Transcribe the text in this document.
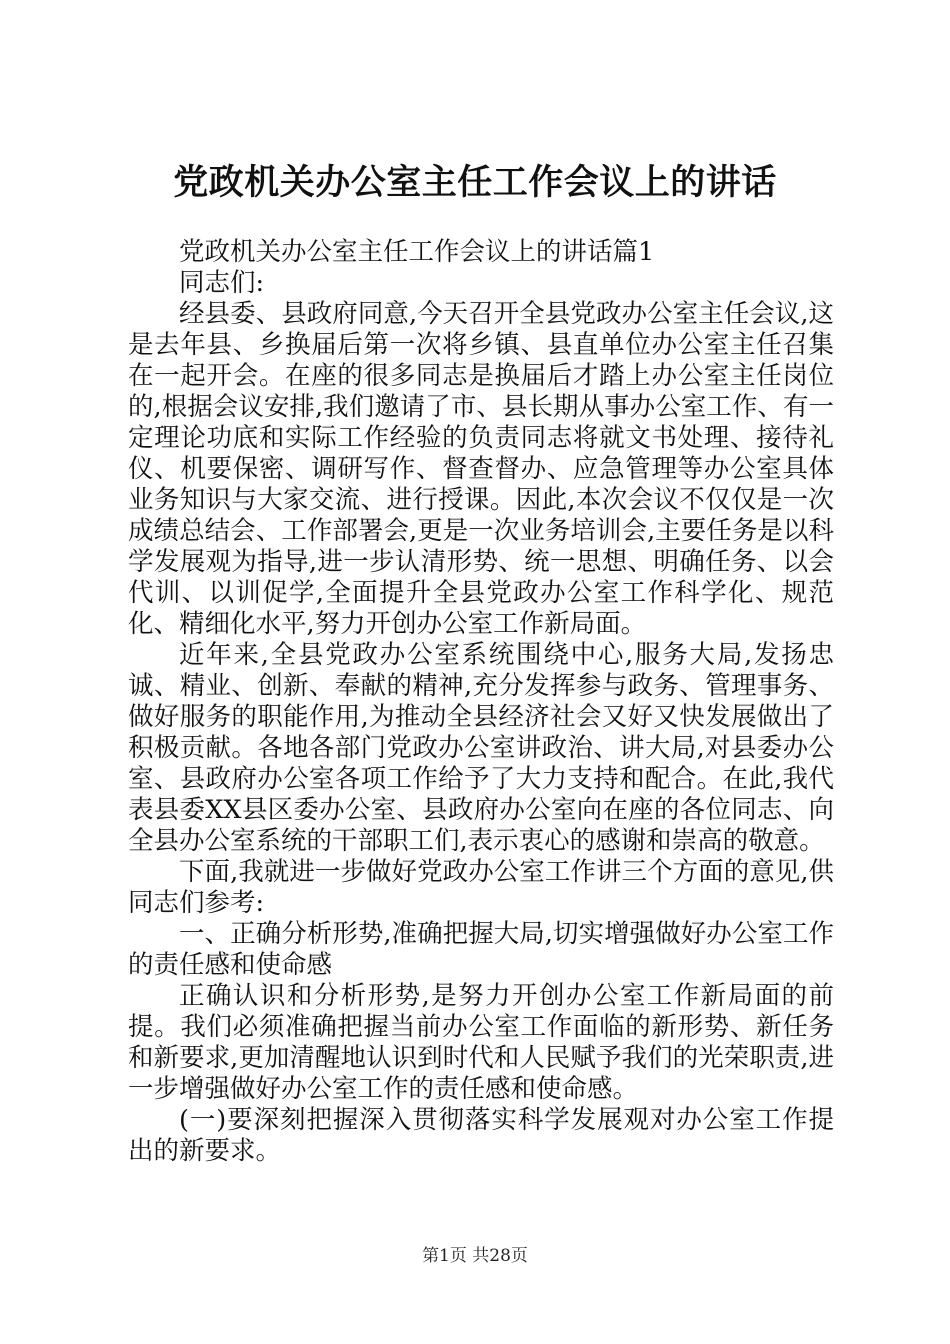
党政机关办公室主任工作会议上的讲话

党政机关办公室主任工作会议上的讲话篇1

同志们:

经县委、县政府同意,今天召开全县党政办公室主任会议,这是去年县、乡换届后第一次将乡镇、县直单位办公室主任召集在一起开会。在座的很多同志是换届后才踏上办公室主任岗位的,根据会议安排,我们邀请了市、县长期从事办公室工作、有一定理论功底和实际工作经验的负责同志将就文书处理、接待礼仪、机要保密、调研写作、督查督办、应急管理等办公室具体业务知识与大家交流、进行授课。因此,本次会议不仅仅是一次成绩总结会、工作部署会,更是一次业务培训会,主要任务是以科学发展观为指导,进一步认清形势、统一思想、明确任务、以会代训、以训促学,全面提升全县党政办公室工作科学化、规范化、精细化水平,努力开创办公室工作新局面。

近年来,全县党政办公室系统围绕中心,服务大局,发扬忠诚、精业、创新、奉献的精神,充分发挥参与政务、管理事务、做好服务的职能作用,为推动全县经济社会又好又快发展做出了积极贡献。各地各部门党政办公室讲政治、讲大局,对县委办公室、县政府办公室各项工作给予了大力支持和配合。在此,我代表县委XX县区委办公室、县政府办公室向在座的各位同志、向全县办公室系统的干部职工们,表示衷心的感谢和崇高的敬意。

下面,我就进一步做好党政办公室工作讲三个方面的意见,供同志们参考:

一、正确分析形势,准确把握大局,切实增强做好办公室工作的责任感和使命感

正确认识和分析形势,是努力开创办公室工作新局面的前提。我们必须准确把握当前办公室工作面临的新形势、新任务和新要求,更加清醒地认识到时代和人民赋予我们的光荣职责,进一步增强做好办公室工作的责任感和使命感。

(一)要深刻把握深入贯彻落实科学发展观对办公室工作提出的新要求。

第1页 共28页
